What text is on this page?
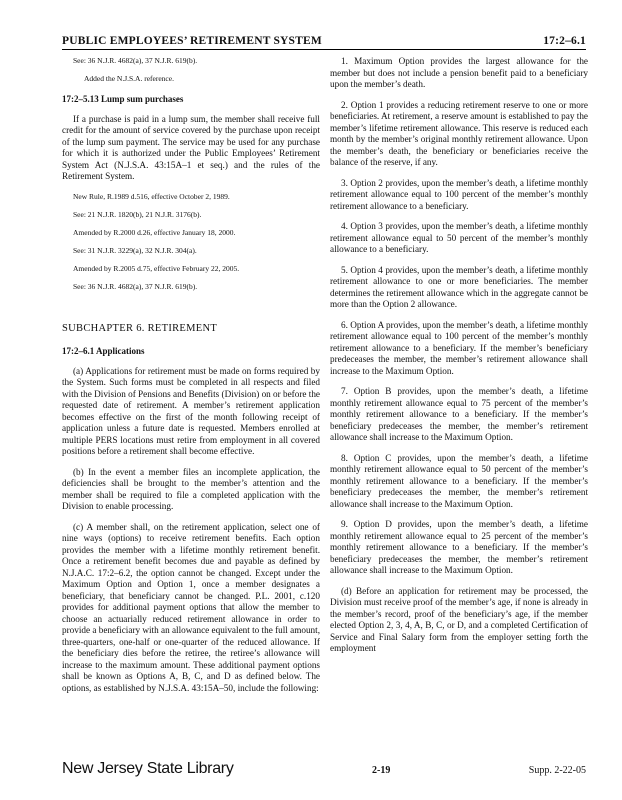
PUBLIC EMPLOYEES’ RETIREMENT SYSTEM	17:2–6.1

See: 36 N.J.R. 4682(a), 37 N.J.R. 619(b).

Added the N.J.S.A. reference.

17:2–5.13 Lump sum purchases

If a purchase is paid in a lump sum, the member shall receive full credit for the amount of service covered by the purchase upon receipt of the lump sum payment. The service may be used for any purchase for which it is authorized under the Public Employees’ Retirement System Act (N.J.S.A. 43:15A–1 et seq.) and the rules of the Retirement System.

New Rule, R.1989 d.516, effective October 2, 1989.

See: 21 N.J.R. 1820(b), 21 N.J.R. 3176(b).

Amended by R.2000 d.26, effective January 18, 2000.

See: 31 N.J.R. 3229(a), 32 N.J.R. 304(a).

Amended by R.2005 d.75, effective February 22, 2005.

See: 36 N.J.R. 4682(a), 37 N.J.R. 619(b).

SUBCHAPTER 6. RETIREMENT
17:2–6.1 Applications

(a) Applications for retirement must be made on forms required by the System. Such forms must be completed in all respects and filed with the Division of Pensions and Benefits (Division) on or before the requested date of retirement. A member’s retirement application becomes effective on the first of the month following receipt of application unless a future date is requested. Members enrolled at multiple PERS locations must retire from employment in all covered positions before a retirement shall become effective.

(b) In the event a member files an incomplete application, the deficiencies shall be brought to the member’s attention and the member shall be required to file a completed application with the Division to enable processing.

(c) A member shall, on the retirement application, select one of nine ways (options) to receive retirement benefits. Each option provides the member with a lifetime monthly retirement benefit. Once a retirement benefit becomes due and payable as defined by N.J.A.C. 17:2–6.2, the option cannot be changed. Except under the Maximum Option and Option 1, once a member designates a beneficiary, that beneficiary cannot be changed. P.L. 2001, c.120 provides for additional payment options that allow the member to choose an actuarially reduced retirement allowance in order to provide a beneficiary with an allowance equivalent to the full amount, three-quarters, one-half or one-quarter of the reduced allowance. If the beneficiary dies before the retiree, the retiree’s allowance will increase to the maximum amount. These additional payment options shall be known as Options A, B, C, and D as defined below. The options, as established by N.J.S.A. 43:15A–50, include the following:

1. Maximum Option provides the largest allowance for the member but does not include a pension benefit paid to a beneficiary upon the member’s death.

2. Option 1 provides a reducing retirement reserve to one or more beneficiaries. At retirement, a reserve amount is established to pay the member’s lifetime retirement allowance. This reserve is reduced each month by the member’s original monthly retirement allowance. Upon the member’s death, the beneficiary or beneficiaries receive the balance of the reserve, if any.

3. Option 2 provides, upon the member’s death, a lifetime monthly retirement allowance equal to 100 percent of the member’s monthly retirement allowance to a beneficiary.

4. Option 3 provides, upon the member’s death, a lifetime monthly retirement allowance equal to 50 percent of the member’s monthly allowance to a beneficiary.

5. Option 4 provides, upon the member’s death, a lifetime monthly retirement allowance to one or more beneficiaries. The member determines the retirement allowance which in the aggregate cannot be more than the Option 2 allowance.

6. Option A provides, upon the member’s death, a lifetime monthly retirement allowance equal to 100 percent of the member’s monthly retirement allowance to a beneficiary. If the member’s beneficiary predeceases the member, the member’s retirement allowance shall increase to the Maximum Option.

7. Option B provides, upon the member’s death, a lifetime monthly retirement allowance equal to 75 percent of the member’s monthly retirement allowance to a beneficiary. If the member’s beneficiary predeceases the member, the member’s retirement allowance shall increase to the Maximum Option.

8. Option C provides, upon the member’s death, a lifetime monthly retirement allowance equal to 50 percent of the member’s monthly retirement allowance to a beneficiary. If the member’s beneficiary predeceases the member, the member’s retirement allowance shall increase to the Maximum Option.

9. Option D provides, upon the member’s death, a lifetime monthly retirement allowance equal to 25 percent of the member’s monthly retirement allowance to a beneficiary. If the member’s beneficiary predeceases the member, the member’s retirement allowance shall increase to the Maximum Option.

(d) Before an application for retirement may be processed, the Division must receive proof of the member’s age, if none is already in the member’s record, proof of the beneficiary’s age, if the member elected Option 2, 3, 4, A, B, C, or D, and a completed Certification of Service and Final Salary form from the employer setting forth the employment

New Jersey State Library	2-19	Supp. 2-22-05
